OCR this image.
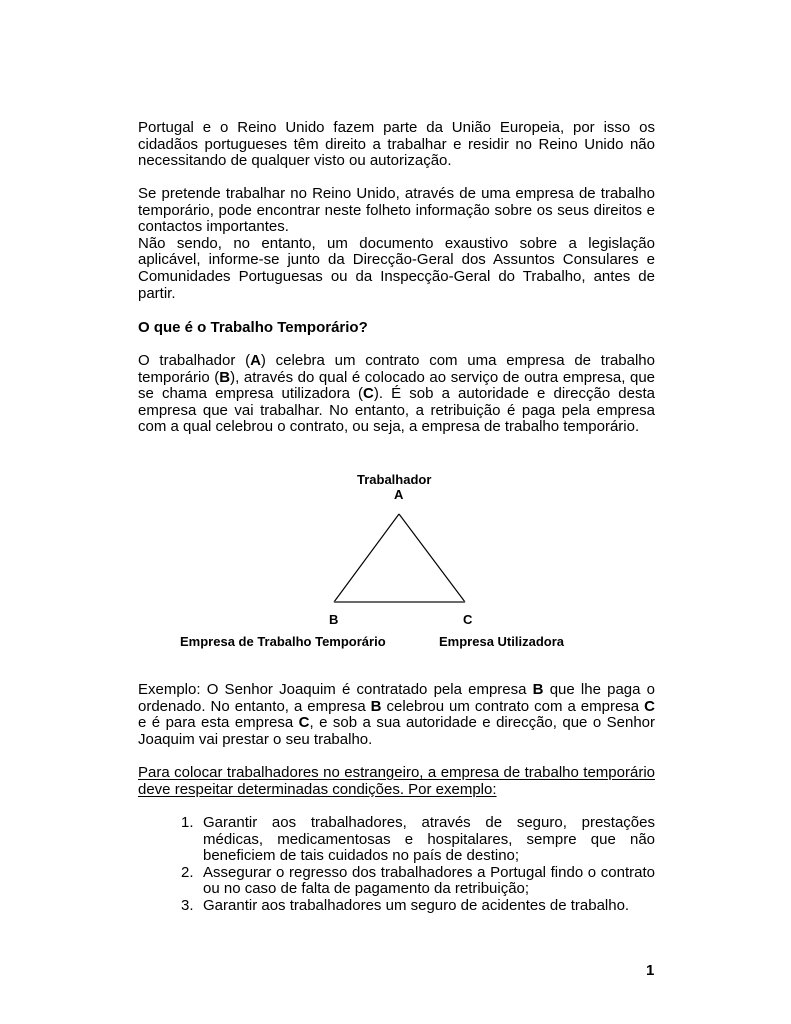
Portugal e o Reino Unido fazem parte da União Europeia, por isso os cidadãos portugueses têm direito a trabalhar e residir no Reino Unido não necessitando de qualquer visto ou autorização.

Se pretende trabalhar no Reino Unido, através de uma empresa de trabalho temporário, pode encontrar neste folheto informação sobre os seus direitos e contactos importantes.

Não sendo, no entanto, um documento exaustivo sobre a legislação aplicável, informe-se junto da Direcção-Geral dos Assuntos Consulares e Comunidades Portuguesas ou da Inspecção-Geral do Trabalho, antes de partir.

O que é o Trabalho Temporário?

O trabalhador (A) celebra um contrato com uma empresa de trabalho temporário (B), através do qual é colocado ao serviço de outra empresa, que se chama empresa utilizadora (C). É sob a autoridade e direcção desta empresa que vai trabalhar. No entanto, a retribuição é paga pela empresa com a qual celebrou o contrato, ou seja, a empresa de trabalho temporário.

Trabalhador
A
B	C
Empresa de Trabalho Temporário	Empresa Utilizadora

Exemplo: O Senhor Joaquim é contratado pela empresa B que lhe paga o ordenado. No entanto, a empresa B celebrou um contrato com a empresa C e é para esta empresa C, e sob a sua autoridade e direcção, que o Senhor Joaquim vai prestar o seu trabalho.

Para colocar trabalhadores no estrangeiro, a empresa de trabalho temporário deve respeitar determinadas condições. Por exemplo:

1. Garantir aos trabalhadores, através de seguro, prestações médicas, medicamentosas e hospitalares, sempre que não beneficiem de tais cuidados no país de destino;
2. Assegurar o regresso dos trabalhadores a Portugal findo o contrato ou no caso de falta de pagamento da retribuição;
3. Garantir aos trabalhadores um seguro de acidentes de trabalho.
1
